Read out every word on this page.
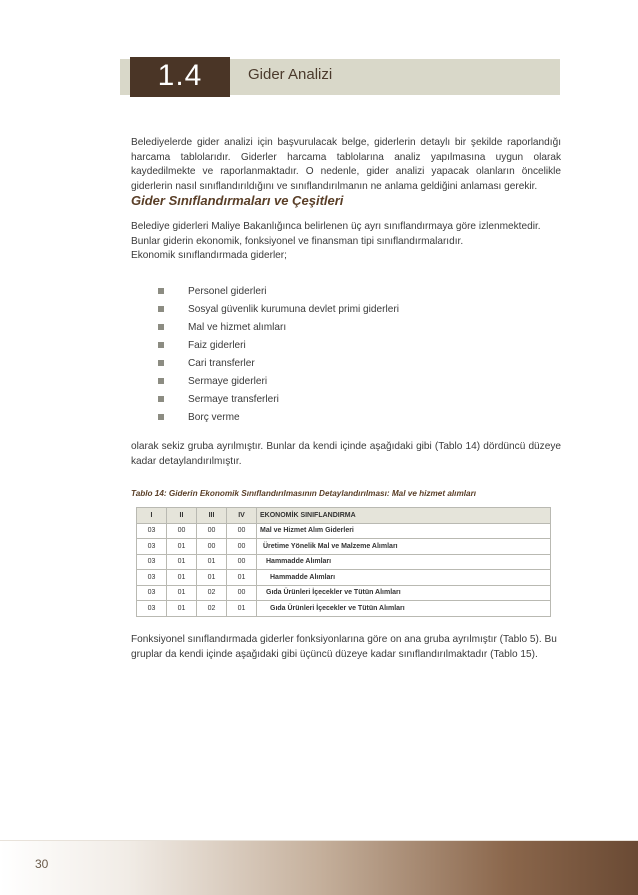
1.4	Gider Analizi
Belediyelerde gider analizi için başvurulacak belge, giderlerin detaylı bir şekilde raporlandığı harcama tablolarıdır. Giderler harcama tablolarına analiz yapılmasına uygun olarak kaydedilmekte ve raporlanmaktadır. O nedenle, gider analizi yapacak olanların öncelikle giderlerin nasıl sınıflandırıldığını ve sınıflandırılmanın ne anlama geldiğini anlaması gerekir.
Gider Sınıflandırmaları ve Çeşitleri
Belediye giderleri Maliye Bakanlığınca belirlenen üç ayrı sınıflandırmaya göre izlenmektedir.
Bunlar giderin ekonomik, fonksiyonel ve finansman tipi sınıflandırmalarıdır.
Ekonomik sınıflandırmada giderler;
Personel giderleri
Sosyal güvenlik kurumuna devlet primi giderleri
Mal ve hizmet alımları
Faiz giderleri
Cari transferler
Sermaye giderleri
Sermaye transferleri
Borç verme
olarak sekiz gruba ayrılmıştır. Bunlar da kendi içinde aşağıdaki gibi (Tablo 14) dördüncü düzeye kadar detaylandırılmıştır.
Tablo 14: Giderin Ekonomik Sınıflandırılmasının Detaylandırılması: Mal ve hizmet alımları
I	II	III	IV	EKONOMİK SINIFLANDIRMA
03	00	00	00	Mal ve Hizmet Alım Giderleri
03	01	00	00	Üretime Yönelik Mal ve Malzeme Alımları
03	01	01	00	Hammadde Alımları
03	01	01	01	Hammadde Alımları
03	01	02	00	Gıda Ürünleri İçecekler ve Tütün Alımları
03	01	02	01	Gıda Ürünleri İçecekler ve Tütün Alımları
Fonksiyonel sınıflandırmada giderler fonksiyonlarına göre on ana gruba ayrılmıştır (Tablo 5). Bu gruplar da kendi içinde aşağıdaki gibi üçüncü düzeye kadar sınıflandırılmaktadır (Tablo 15).
30
